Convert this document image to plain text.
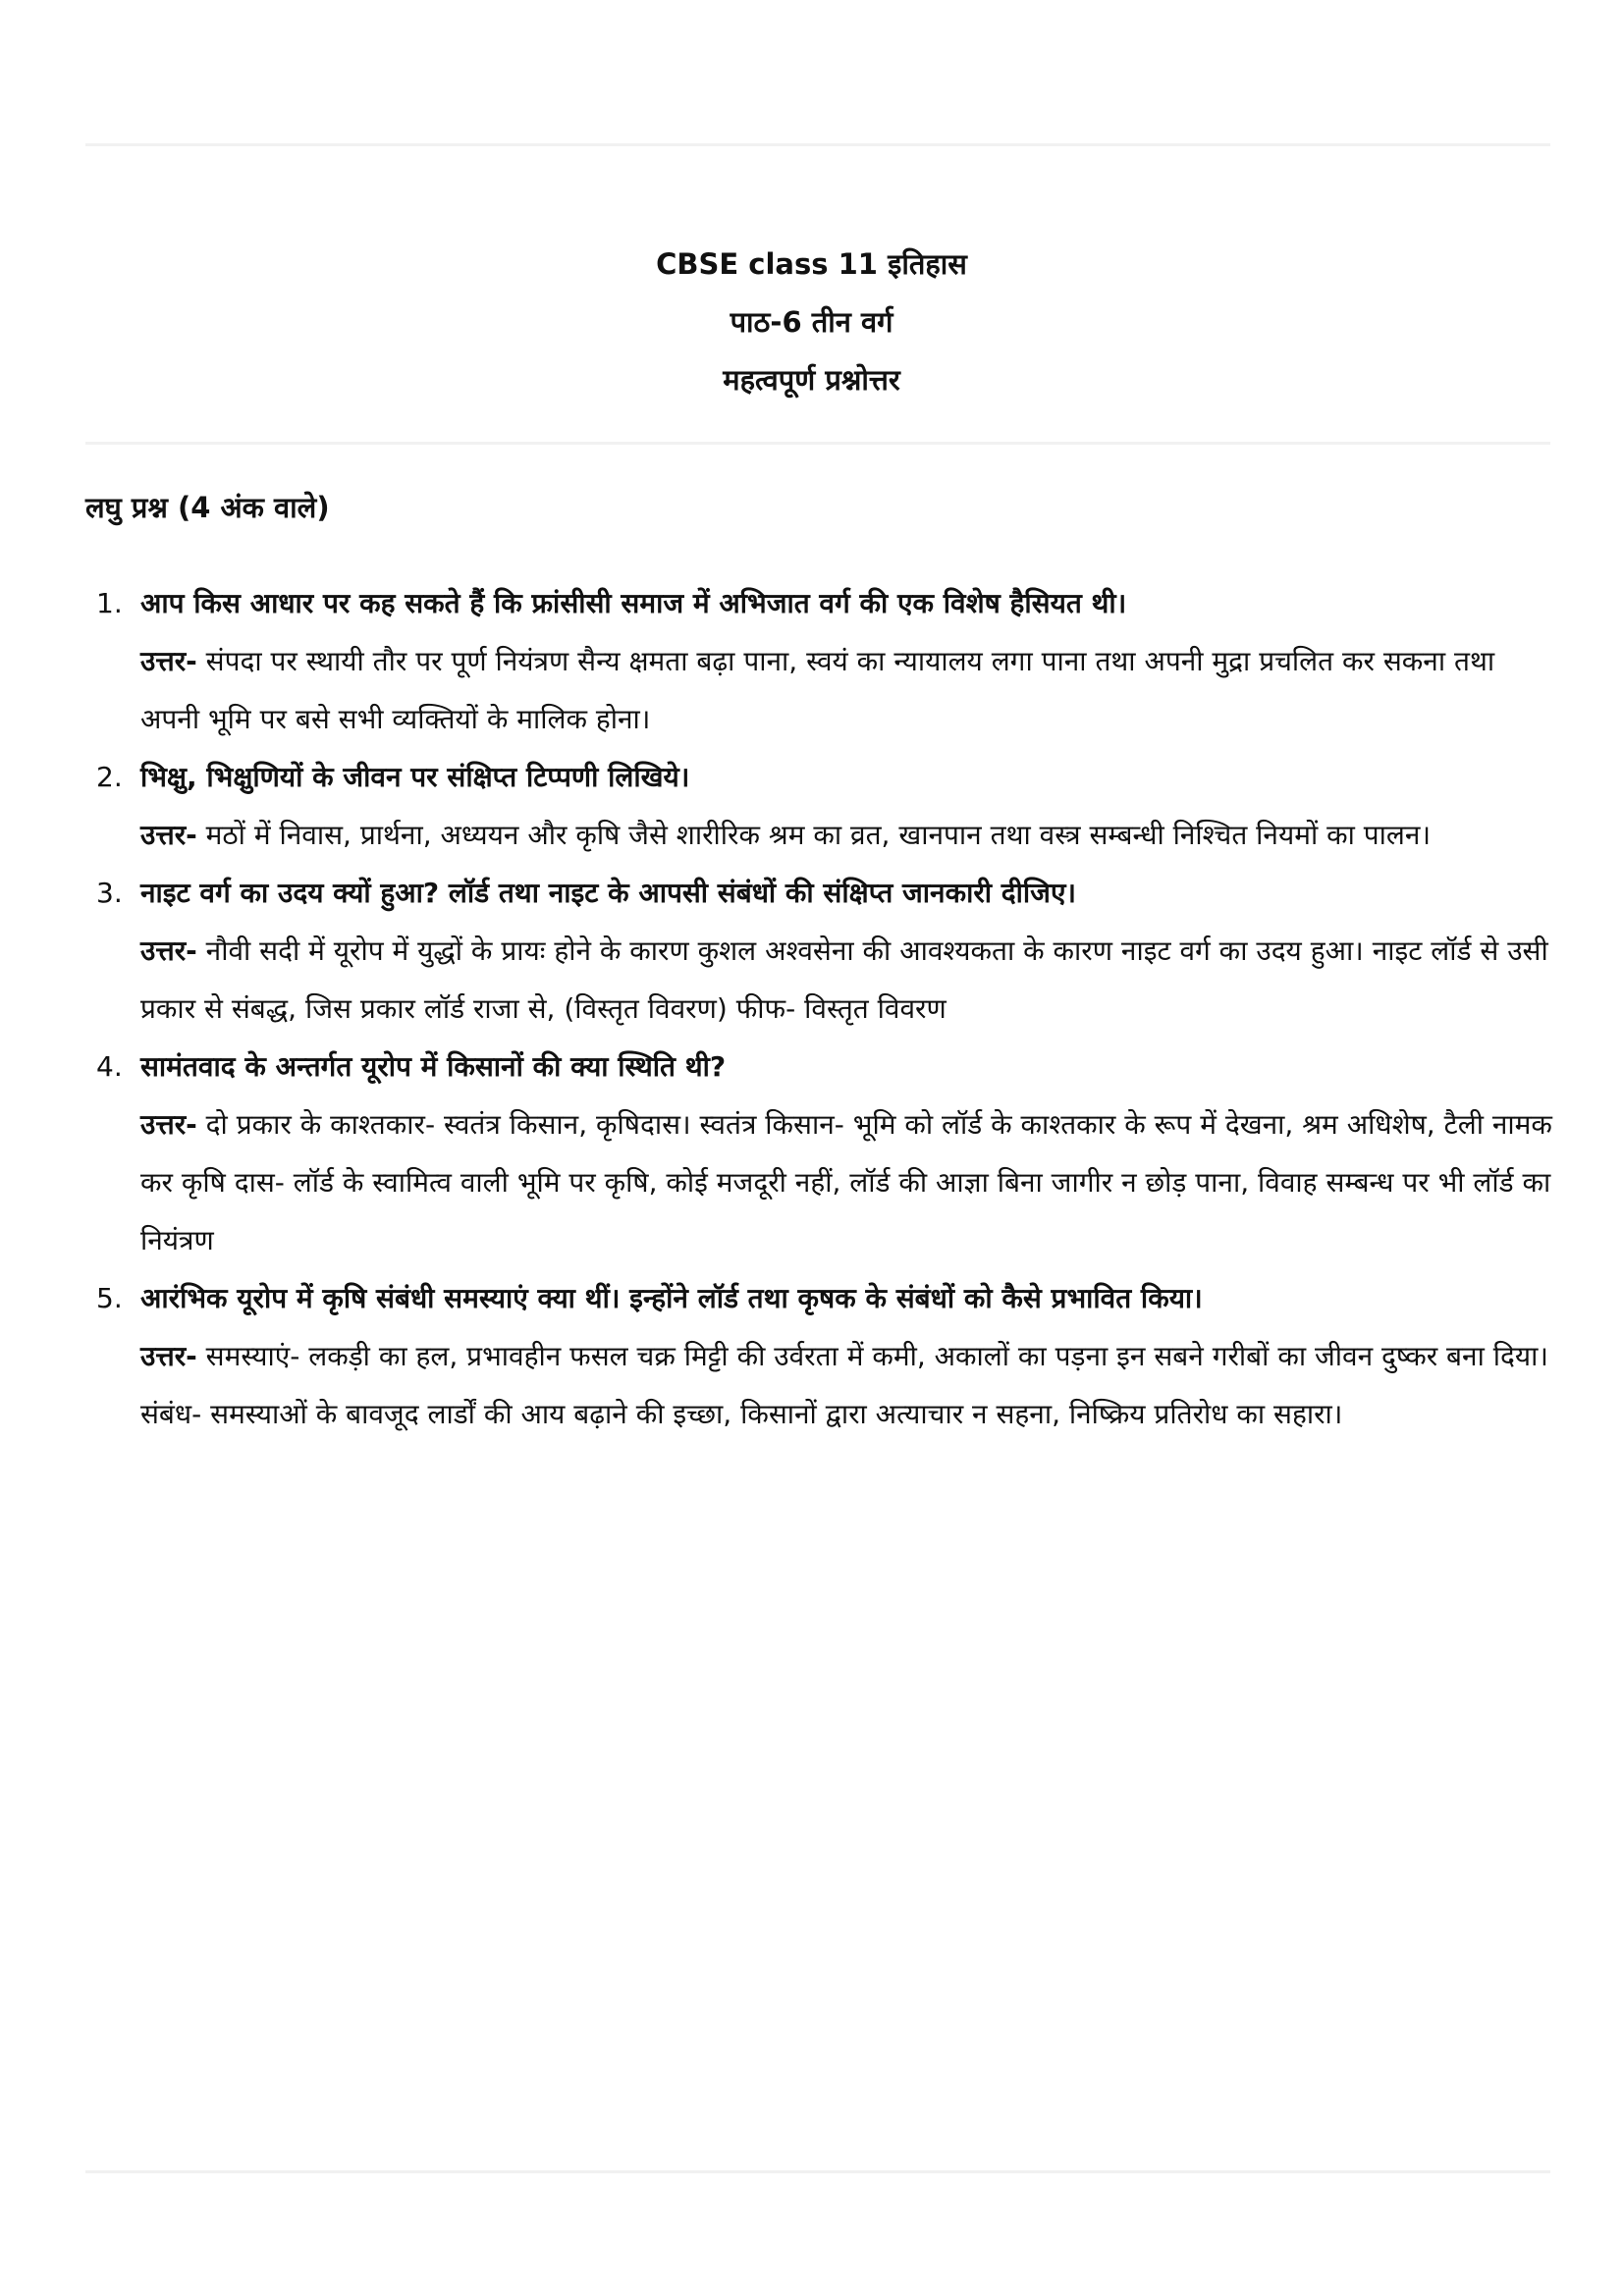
CBSE class 11 इतिहास
पाठ-6 तीन वर्ग
महत्वपूर्ण प्रश्नोत्तर
लघु प्रश्न (4 अंक वाले)
1. आप किस आधार पर कह सकते हैं कि फ्रांसीसी समाज में अभिजात वर्ग की एक विशेष हैसियत थी।
उत्तर- संपदा पर स्थायी तौर पर पूर्ण नियंत्रण सैन्य क्षमता बढ़ा पाना, स्वयं का न्यायालय लगा पाना तथा अपनी मुद्रा प्रचलित कर सकना तथा अपनी भूमि पर बसे सभी व्यक्तियों के मालिक होना।
2. भिक्षु, भिक्षुणियों के जीवन पर संक्षिप्त टिप्पणी लिखिये।
उत्तर- मठों में निवास, प्रार्थना, अध्ययन और कृषि जैसे शारीरिक श्रम का व्रत, खानपान तथा वस्त्र सम्बन्धी निश्चित नियमों का पालन।
3. नाइट वर्ग का उदय क्यों हुआ? लॉर्ड तथा नाइट के आपसी संबंधों की संक्षिप्त जानकारी दीजिए।
उत्तर- नौवी सदी में यूरोप में युद्धों के प्रायः होने के कारण कुशल अश्वसेना की आवश्यकता के कारण नाइट वर्ग का उदय हुआ। नाइट लॉर्ड से उसी प्रकार से संबद्ध, जिस प्रकार लॉर्ड राजा से, (विस्तृत विवरण) फीफ- विस्तृत विवरण
4. सामंतवाद के अन्तर्गत यूरोप में किसानों की क्या स्थिति थी?
उत्तर- दो प्रकार के काश्तकार- स्वतंत्र किसान, कृषिदास। स्वतंत्र किसान- भूमि को लॉर्ड के काश्तकार के रूप में देखना, श्रम अधिशेष, टैली नामक कर कृषि दास- लॉर्ड के स्वामित्व वाली भूमि पर कृषि, कोई मजदूरी नहीं, लॉर्ड की आज्ञा बिना जागीर न छोड़ पाना, विवाह सम्बन्ध पर भी लॉर्ड का नियंत्रण
5. आरंभिक यूरोप में कृषि संबंधी समस्याएं क्या थीं। इन्होंने लॉर्ड तथा कृषक के संबंधों को कैसे प्रभावित किया।
उत्तर- समस्याएं- लकड़ी का हल, प्रभावहीन फसल चक्र मिट्टी की उर्वरता में कमी, अकालों का पड़ना इन सबने गरीबों का जीवन दुष्कर बना दिया। संबंध- समस्याओं के बावजूद लार्डों की आय बढ़ाने की इच्छा, किसानों द्वारा अत्याचार न सहना, निष्क्रिय प्रतिरोध का सहारा।
